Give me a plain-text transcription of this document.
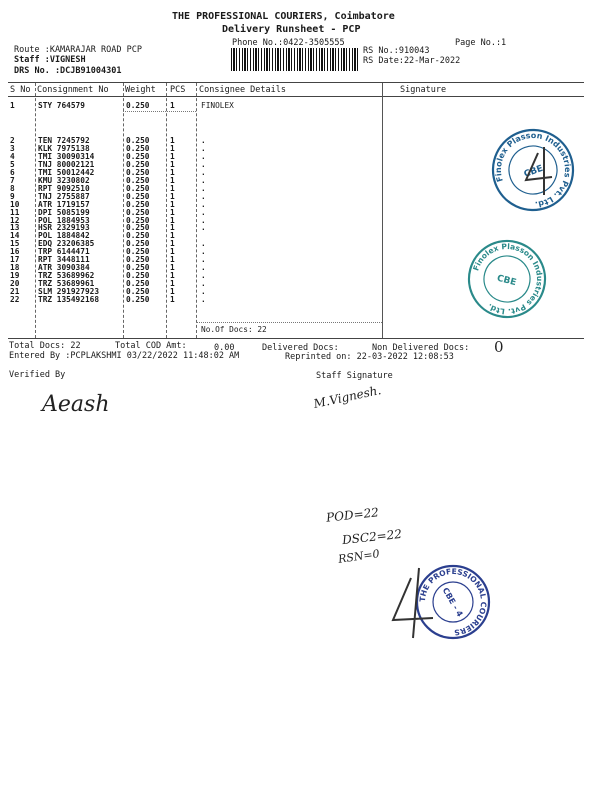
THE PROFESSIONAL COURIERS, Coimbatore
Delivery Runsheet - PCP
Phone No.:0422-3505555	Page No.:1
Route :KAMARAJAR ROAD PCP
Staff :VIGNESH
DRS No. :DCJB91004301
RS No.:910043
RS Date:22-Mar-2022
S No Consignment No Weight PCS Consignee Details	Signature
1	STY 764579	0.250	1	FINOLEX
2	TEN 7245792	0.250	1	.
3	KLK 7975138	0.250	1	.
4	TMI 30090314	0.250	1	.
5	TNJ 80002121	0.250	1	.
6	TMI 50012442	0.250	1	.
7	KMU 3230802	0.250	1	.
8	RPT 9092510	0.250	1	.
9	TNJ 2755887	0.250	1	.
10 ATR 1719157	0.250	1	.
11 DPI 5085199	0.250	1	.
12 POL 1884953	0.250	1	.
13 HSR 2329193	0.250	1	.
14 POL 1884842	0.250	1
15 EDQ 23206385	0.250	1	.
16 TRP 6144471	0.250	1	.
17 RPT 3448111	0.250	1	.
18 ATR 3090384	0.250	1	.
19 TRZ 53689962	0.250	1	.
20 TRZ 53689961	0.250	1	.
21 SLM 291927923	0.250	1	.
22 TRZ 135492168	0.250	1	.
No.Of Docs: 22
Total Docs: 22	Total COD Amt:	0.00	Delivered Docs:	Non Delivered Docs: 0
Entered By :PCPLAKSHMI 03/22/2022 11:48:02 AM	Reprinted on: 22-03-2022 12:08:53
Verified By	Staff Signature
Aeash	M.Vignesh.
POD=22
DSC2=22
RSN=0
Finolex Plasson Industries Pvt. Ltd.
CBE
Finolex Plasson Industries Pvt. Ltd.
CBE
THE PROFESSIONAL COURIERS
CBE - 4
